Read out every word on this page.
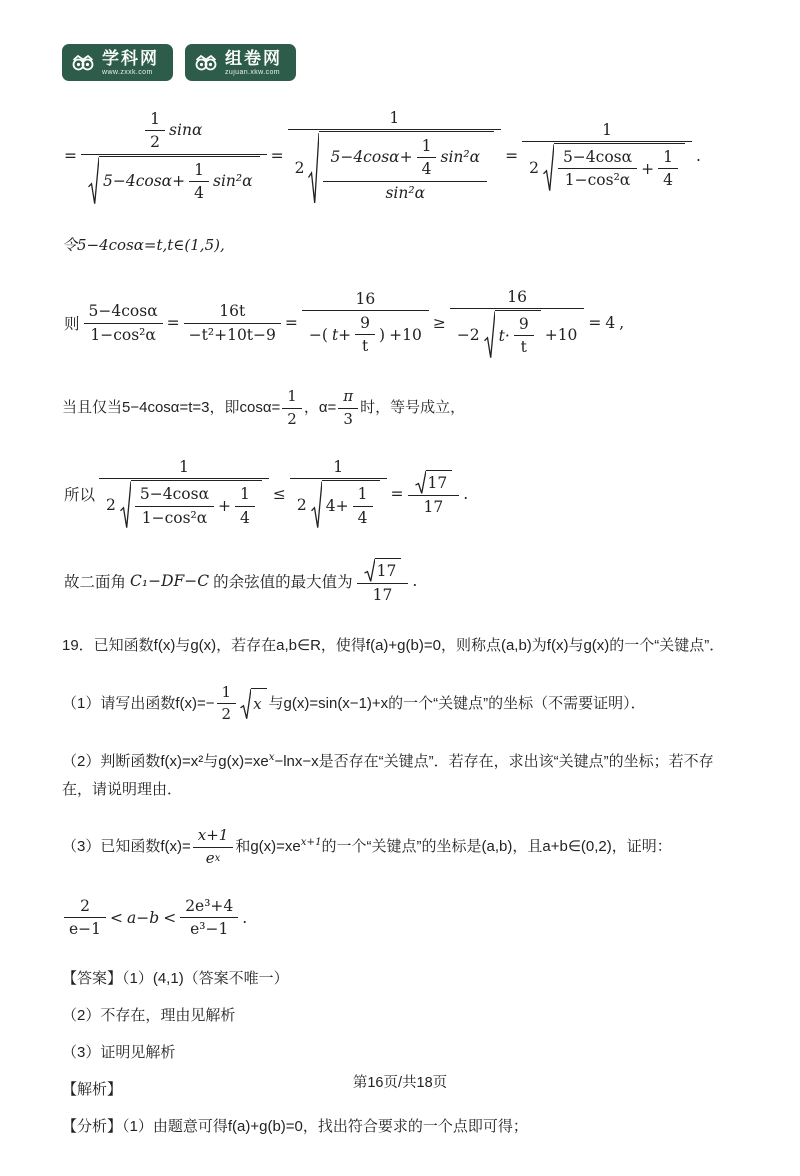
学科网
www.zxxk.com
组卷网
zujuan.xkw.com
=
1
2
sinα
$5-4\cos\alpha+ \frac{1}{4} \sin^2\alpha$
=
1
2
$5-4\cos\alpha+ \frac{1}{4} \sin^2\alpha$
sin²α
=
1
2
5−4cosα
1−cos²α
+ $\frac{1}{4}$ .

令5−4cosα=t,t∈(1,5),

则 $\frac{5-4\cos\alpha}{\text{1−cos²α}} = \frac{16t}{\text{−t²+10t−9}}$ =
16
−( $t+ \frac{9}{t}$ ) +10
≥
16
−2 t·
9
t
+10
= 4 ,

当且仅当5−4cosα=t=3，即$\cos\alpha= \frac{1}{2}$ ，$\alpha= \frac{\pi}{3}$ 时，等号成立，

所以
1
2
5−4cosα
1−cos²α
+ $\frac{1}{4}$ ≤
1
2 $4+ \frac{1}{4} = \frac{17}{17}$ .
故二面角 C₁−DF−C 的余弦值的最大值为 $\frac{17}{17}$ .

19．已知函数f(x)与g(x)，若存在a,b∈R，使得f(a)+g(b)=0，则称点(a,b)为f(x)与g(x)的一个“关键点”．

（1）请写出函数$f(x)=- \frac{1}{2}$ x 与g(x)=sin(x−1)+x的一个“关键点”的坐标（不需要证明）．

（2）判断函数f(x)=x²与$g(x)=xe^x-\ln x-x$是否存在“关键点”．若存在，求出该“关键点”的坐标；若不存在，请说明理由．

（3）已知函数$f(x)= \frac{x+1}{\text{e x}}$ 和$g(x)=xe^{x+1}$的一个“关键点”的坐标是(a,b)，且a+b∈(0,2)，证明：

$\frac{2}{e-1} < a-b < \frac{\text{2e³+4}}{\text{e³−1}}$ .

【答案】（1）(4,1)（答案不唯一）

（2）不存在，理由见解析

（3）证明见解析

【解析】

【分析】（1）由题意可得f(a)+g(b)=0，找出符合要求的一个点即可得；

第16页/共18页
